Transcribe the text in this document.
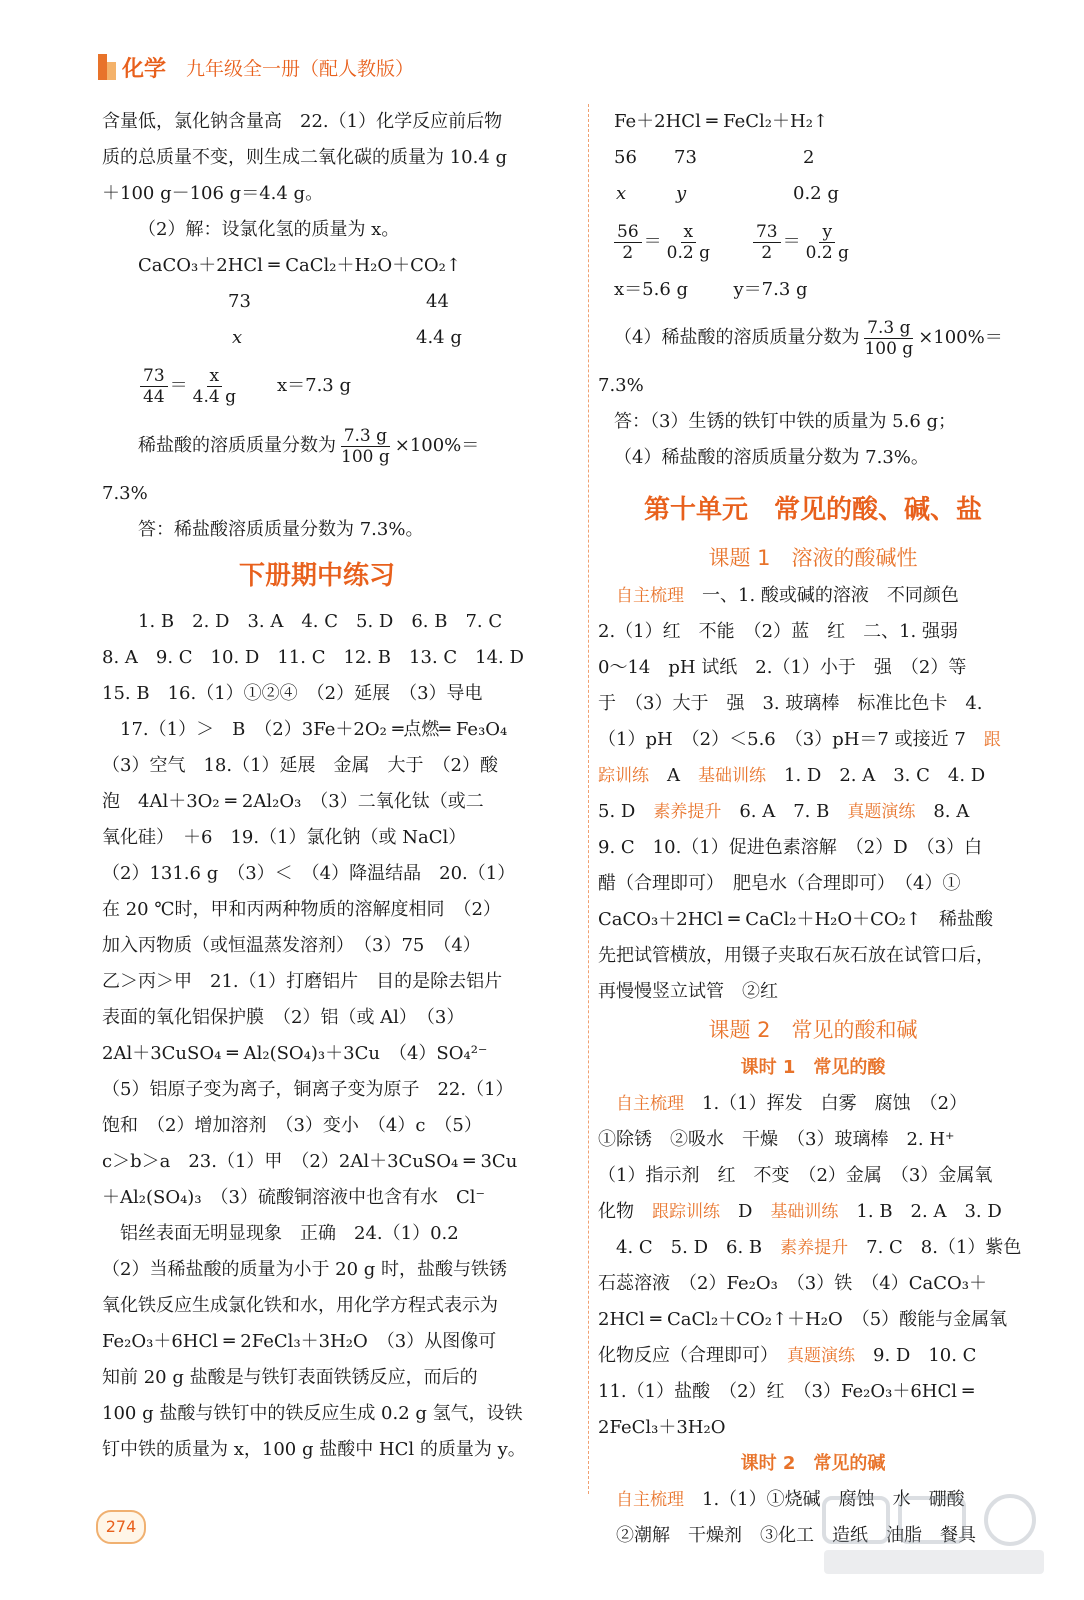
化学 九年级全一册（配人教版）
含量低，氯化钠含量高　22.（1）化学反应前后物
质的总质量不变，则生成二氧化碳的质量为 10.4 g
＋100 g－106 g＝4.4 g。
（2）解：设氯化氢的质量为 x。
CaCO₃＋2HCl ═ CaCl₂＋H₂O＋CO₂↑
73	44
x	4.4 g
$\frac{73}{44} = \frac{x}{4.4 g} x=7.3$ g
稀盐酸的溶质质量分数为 $\frac{7.3 g}{100 g} \times 100\%=$
7.3%
答：稀盐酸溶质质量分数为 7.3%。
下册期中练习
1. B　2. D　3. A　4. C　5. D　6. B　7. C
8. A　9. C　10. D　11. C　12. B　13. C　14. D
15. B　16.（1）①②④　（2）延展　（3）导电
17.（1）＞　B　（2）3Fe＋2O₂ ═点燃═ Fe₃O₄
（3）空气　18.（1）延展　金属　大于　（2）酸
泡　4Al＋3O₂ ═ 2Al₂O₃　（3）二氧化钛（或二
氧化硅）　＋6　19.（1）氯化钠（或 NaCl）
（2）131.6 g　（3）＜　（4）降温结晶　20.（1）
在 20 ℃时，甲和丙两种物质的溶解度相同　（2）
加入丙物质（或恒温蒸发溶剂）　（3）75　（4）
乙＞丙＞甲　21.（1）打磨铝片　目的是除去铝片
表面的氧化铝保护膜　（2）铝（或 Al）　（3）
2Al＋3CuSO₄ ═ Al₂(SO₄)₃＋3Cu　（4）SO₄²⁻
（5）铝原子变为离子，铜离子变为原子　22.（1）
饱和　（2）增加溶剂　（3）变小　（4）c　（5）
c＞b＞a　23.（1）甲　（2）2Al＋3CuSO₄ ═ 3Cu
＋Al₂(SO₄)₃　（3）硫酸铜溶液中也含有水　Cl⁻
铝丝表面无明显现象　正确　24.（1）0.2
（2）当稀盐酸的质量为小于 20 g 时，盐酸与铁锈
氧化铁反应生成氯化铁和水，用化学方程式表示为
Fe₂O₃＋6HCl ═ 2FeCl₃＋3H₂O　（3）从图像可
知前 20 g 盐酸是与铁钉表面铁锈反应，而后的
100 g 盐酸与铁钉中的铁反应生成 0.2 g 氢气，设铁
钉中铁的质量为 x，100 g 盐酸中 HCl 的质量为 y。
Fe＋2HCl ═ FeCl₂＋H₂↑
56 73	2
x	y	0.2 g
$\frac{56}{2} = \frac{x}{0.2 g} \frac{73}{2} = \frac{y}{0.2 g}$
x＝5.6 g	y＝7.3 g
（4）稀盐酸的溶质质量分数为 $\frac{7.3 g}{100 g} \times 100\%=$
7.3%
答：（3）生锈的铁钉中铁的质量为 5.6 g；
（4）稀盐酸的溶质质量分数为 7.3%。
第十单元　常见的酸、碱、盐
课题 1　溶液的酸碱性
自主梳理　一、1. 酸或碱的溶液　不同颜色
2.（1）红　不能　（2）蓝　红　二、1. 强弱
0～14　pH 试纸　2.（1）小于　强　（2）等
于　（3）大于　强　3. 玻璃棒　标准比色卡　4.
（1）pH　（2）＜5.6　（3）pH＝7 或接近 7　跟
踪训练　A　基础训练　1. D　2. A　3. C　4. D
5. D　素养提升　6. A　7. B　真题演练　8. A
9. C　10.（1）促进色素溶解　（2）D　（3）白
醋（合理即可）　肥皂水（合理即可）　（4）①
CaCO₃＋2HCl ═ CaCl₂＋H₂O＋CO₂↑　稀盐酸
先把试管横放，用镊子夹取石灰石放在试管口后，
再慢慢竖立试管　②红
课题 2　常见的酸和碱
课时 1　常见的酸
自主梳理　1.（1）挥发　白雾　腐蚀　（2）
①除锈　②吸水　干燥　（3）玻璃棒　2. H⁺
（1）指示剂　红　不变　（2）金属　（3）金属氧
化物　跟踪训练　D　基础训练　1. B　2. A　3. D
4. C　5. D　6. B　素养提升　7. C　8.（1）紫色
石蕊溶液　（2）Fe₂O₃　（3）铁　（4）CaCO₃＋
2HCl ═ CaCl₂＋CO₂↑＋H₂O　（5）酸能与金属氧
化物反应（合理即可）　真题演练　9. D　10. C
11.（1）盐酸　（2）红　（3）Fe₂O₃＋6HCl ═
2FeCl₃＋3H₂O
课时 2　常见的碱
自主梳理　1.（1）①烧碱　腐蚀　水　硼酸
②潮解　干燥剂　③化工　造纸　油脂　餐具
274
